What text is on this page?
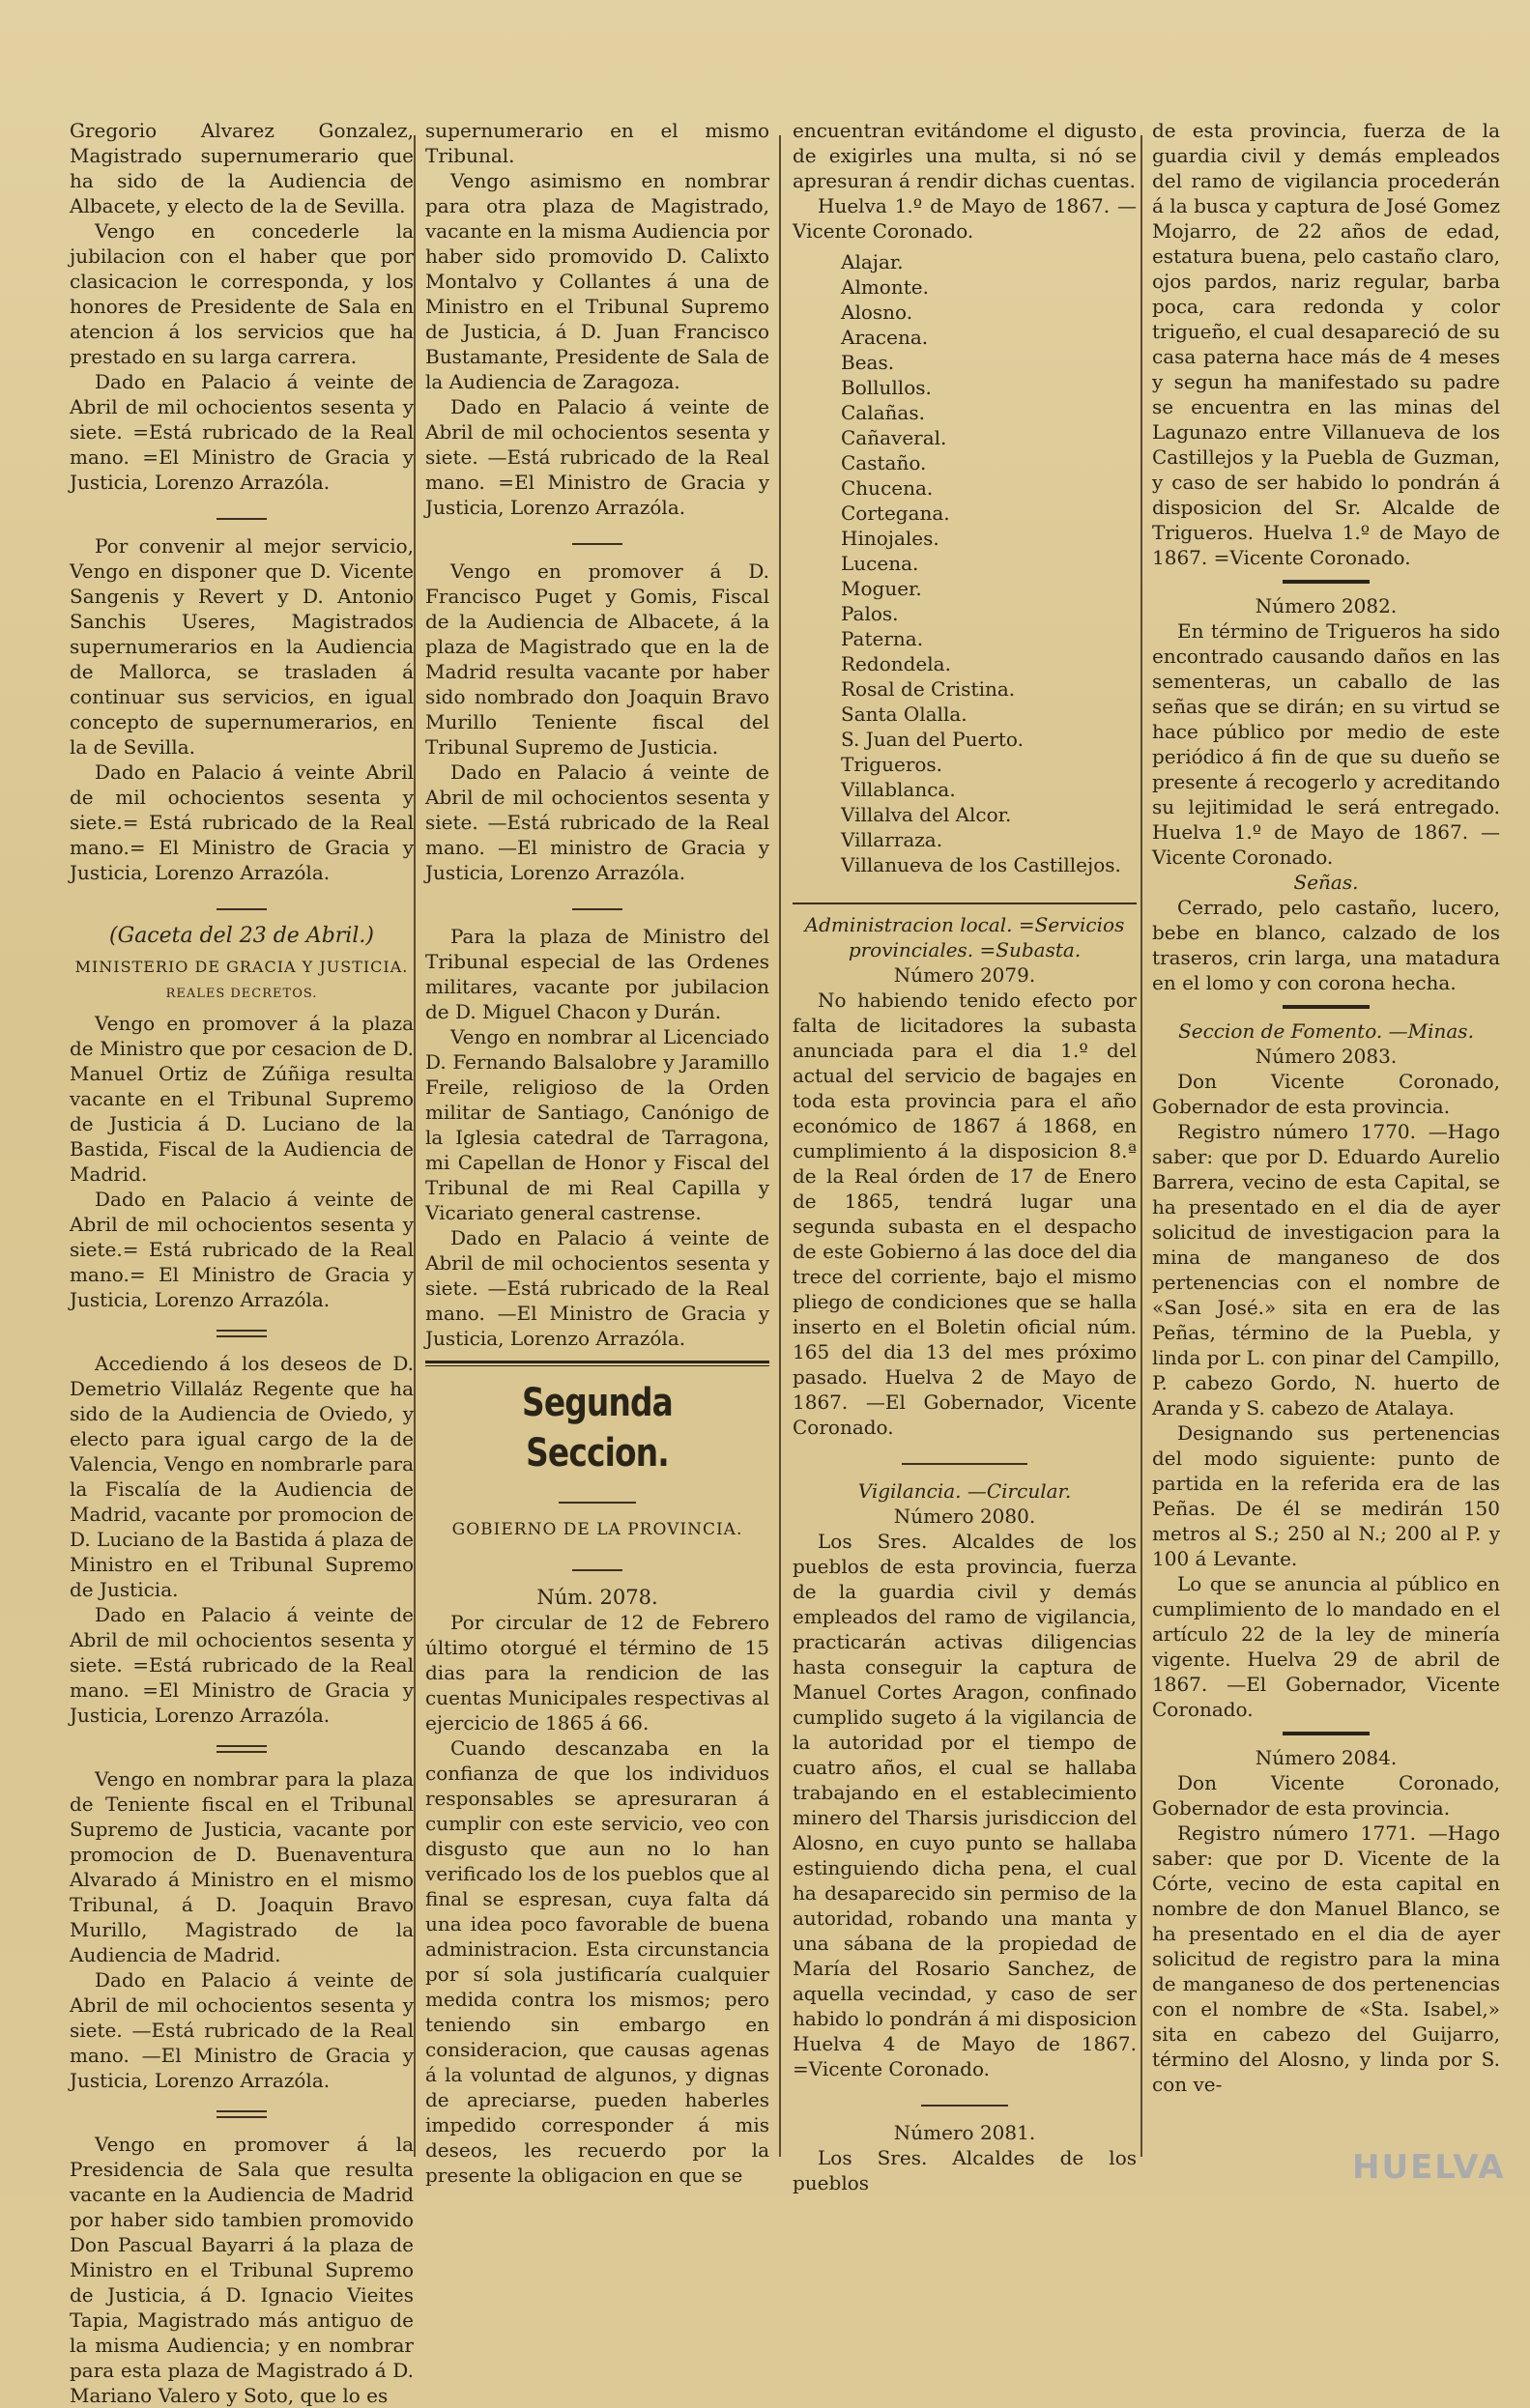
Gregorio Alvarez Gonzalez, Magistrado supernumerario que ha sido de la Audiencia de Albacete, y electo de la de Sevilla.

Vengo en concederle la jubilacion con el haber que por clasicacion le corresponda, y los honores de Presidente de Sala en atencion á los servicios que ha prestado en su larga carrera.

Dado en Palacio á veinte de Abril de mil ochocientos sesenta y siete. =Está rubricado de la Real mano. =El Ministro de Gracia y Justicia, Lorenzo Arrazóla.

Por convenir al mejor servicio, Vengo en disponer que D. Vicente Sangenis y Revert y D. Antonio Sanchis Useres, Magistrados supernumerarios en la Audiencia de Mallorca, se trasladen á continuar sus servicios, en igual concepto de supernumerarios, en la de Sevilla.

Dado en Palacio á veinte Abril de mil ochocientos sesenta y siete.= Está rubricado de la Real mano.= El Ministro de Gracia y Justicia, Lorenzo Arrazóla.

(Gaceta del 23 de Abril.)

MINISTERIO DE GRACIA Y JUSTICIA.

REALES DECRETOS.

Vengo en promover á la plaza de Ministro que por cesacion de D. Manuel Ortiz de Zúñiga resulta vacante en el Tribunal Supremo de Justicia á D. Luciano de la Bastida, Fiscal de la Audiencia de Madrid.

Dado en Palacio á veinte de Abril de mil ochocientos sesenta y siete.= Está rubricado de la Real mano.= El Ministro de Gracia y Justicia, Lorenzo Arrazóla.

Accediendo á los deseos de D. Demetrio Villaláz Regente que ha sido de la Audiencia de Oviedo, y electo para igual cargo de la de Valencia, Vengo en nombrarle para la Fiscalía de la Audiencia de Madrid, vacante por promocion de D. Luciano de la Bastida á plaza de Ministro en el Tribunal Supremo de Justicia.

Dado en Palacio á veinte de Abril de mil ochocientos sesenta y siete. =Está rubricado de la Real mano. =El Ministro de Gracia y Justicia, Lorenzo Arrazóla.

Vengo en nombrar para la plaza de Teniente fiscal en el Tribunal Supremo de Justicia, vacante por promocion de D. Buenaventura Alvarado á Ministro en el mismo Tribunal, á D. Joaquin Bravo Murillo, Magistrado de la Audiencia de Madrid.

Dado en Palacio á veinte de Abril de mil ochocientos sesenta y siete. —Está rubricado de la Real mano. —El Ministro de Gracia y Justicia, Lorenzo Arrazóla.

Vengo en promover á la Presidencia de Sala que resulta vacante en la Audiencia de Madrid por haber sido tambien promovido Don Pascual Bayarri á la plaza de Ministro en el Tribunal Supremo de Justicia, á D. Ignacio Vieites Tapia, Magistrado más antiguo de la misma Audiencia; y en nombrar para esta plaza de Magistrado á D. Mariano Valero y Soto, que lo es

supernumerario en el mismo Tribunal.

Vengo asimismo en nombrar para otra plaza de Magistrado, vacante en la misma Audiencia por haber sido promovido D. Calixto Montalvo y Collantes á una de Ministro en el Tribunal Supremo de Justicia, á D. Juan Francisco Bustamante, Presidente de Sala de la Audiencia de Zaragoza.

Dado en Palacio á veinte de Abril de mil ochocientos sesenta y siete. —Está rubricado de la Real mano. =El Ministro de Gracia y Justicia, Lorenzo Arrazóla.

Vengo en promover á D. Francisco Puget y Gomis, Fiscal de la Audiencia de Albacete, á la plaza de Magistrado que en la de Madrid resulta vacante por haber sido nombrado don Joaquin Bravo Murillo Teniente fiscal del Tribunal Supremo de Justicia.

Dado en Palacio á veinte de Abril de mil ochocientos sesenta y siete. —Está rubricado de la Real mano. —El ministro de Gracia y Justicia, Lorenzo Arrazóla.

Para la plaza de Ministro del Tribunal especial de las Ordenes militares, vacante por jubilacion de D. Miguel Chacon y Durán.

Vengo en nombrar al Licenciado D. Fernando Balsalobre y Jaramillo Freile, religioso de la Orden militar de Santiago, Canónigo de la Iglesia catedral de Tarragona, mi Capellan de Honor y Fiscal del Tribunal de mi Real Capilla y Vicariato general castrense.

Dado en Palacio á veinte de Abril de mil ochocientos sesenta y siete. —Está rubricado de la Real mano. —El Ministro de Gracia y Justicia, Lorenzo Arrazóla.

Segunda Seccion.

GOBIERNO DE LA PROVINCIA.

Núm. 2078.

Por circular de 12 de Febrero último otorgué el término de 15 dias para la rendicion de las cuentas Municipales respectivas al ejercicio de 1865 á 66.

Cuando descanzaba en la confianza de que los individuos responsables se apresuraran á cumplir con este servicio, veo con disgusto que aun no lo han verificado los de los pueblos que al final se espresan, cuya falta dá una idea poco favorable de buena administracion. Esta circunstancia por sí sola justificaría cualquier medida contra los mismos; pero teniendo sin embargo en consideracion, que causas agenas á la voluntad de algunos, y dignas de apreciarse, pueden haberles impedido corresponder á mis deseos, les recuerdo por la presente la obligacion en que se

encuentran evitándome el digusto de exigirles una multa, si nó se apresuran á rendir dichas cuentas.

Huelva 1.º de Mayo de 1867. —Vicente Coronado.

Alajar.
Almonte.
Alosno.
Aracena.
Beas.
Bollullos.
Calañas.
Cañaveral.
Castaño.
Chucena.
Cortegana.
Hinojales.
Lucena.
Moguer.
Palos.
Paterna.
Redondela.
Rosal de Cristina.
Santa Olalla.
S. Juan del Puerto.
Trigueros.
Villablanca.
Villalva del Alcor.
Villarraza.
Villanueva de los Castillejos.

Administracion local. =Servicios provinciales. =Subasta.

Número 2079.

No habiendo tenido efecto por falta de licitadores la subasta anunciada para el dia 1.º del actual del servicio de bagajes en toda esta provincia para el año económico de 1867 á 1868, en cumplimiento á la disposicion 8.ª de la Real órden de 17 de Enero de 1865, tendrá lugar una segunda subasta en el despacho de este Gobierno á las doce del dia trece del corriente, bajo el mismo pliego de condiciones que se halla inserto en el Boletin oficial núm. 165 del dia 13 del mes próximo pasado. Huelva 2 de Mayo de 1867. —El Gobernador, Vicente Coronado.

Vigilancia. —Circular.

Número 2080.

Los Sres. Alcaldes de los pueblos de esta provincia, fuerza de la guardia civil y demás empleados del ramo de vigilancia, practicarán activas diligencias hasta conseguir la captura de Manuel Cortes Aragon, confinado cumplido sugeto á la vigilancia de la autoridad por el tiempo de cuatro años, el cual se hallaba trabajando en el establecimiento minero del Tharsis jurisdiccion del Alosno, en cuyo punto se hallaba estinguiendo dicha pena, el cual ha desaparecido sin permiso de la autoridad, robando una manta y una sábana de la propiedad de María del Rosario Sanchez, de aquella vecindad, y caso de ser habido lo pondrán á mi disposicion Huelva 4 de Mayo de 1867. =Vicente Coronado.

Número 2081.

Los Sres. Alcaldes de los pueblos

de esta provincia, fuerza de la guardia civil y demás empleados del ramo de vigilancia procederán á la busca y captura de José Gomez Mojarro, de 22 años de edad, estatura buena, pelo castaño claro, ojos pardos, nariz regular, barba poca, cara redonda y color trigueño, el cual desapareció de su casa paterna hace más de 4 meses y segun ha manifestado su padre se encuentra en las minas del Lagunazo entre Villanueva de los Castillejos y la Puebla de Guzman, y caso de ser habido lo pondrán á disposicion del Sr. Alcalde de Trigueros. Huelva 1.º de Mayo de 1867. =Vicente Coronado.

Número 2082.

En término de Trigueros ha sido encontrado causando daños en las sementeras, un caballo de las señas que se dirán; en su virtud se hace público por medio de este periódico á fin de que su dueño se presente á recogerlo y acreditando su lejitimidad le será entregado. Huelva 1.º de Mayo de 1867. —Vicente Coronado.

Señas.

Cerrado, pelo castaño, lucero, bebe en blanco, calzado de los traseros, crin larga, una matadura en el lomo y con corona hecha.

Seccion de Fomento. —Minas.

Número 2083.

Don Vicente Coronado, Gobernador de esta provincia.

Registro número 1770. —Hago saber: que por D. Eduardo Aurelio Barrera, vecino de esta Capital, se ha presentado en el dia de ayer solicitud de investigacion para la mina de manganeso de dos pertenencias con el nombre de «San José.» sita en era de las Peñas, término de la Puebla, y linda por L. con pinar del Campillo, P. cabezo Gordo, N. huerto de Aranda y S. cabezo de Atalaya.

Designando sus pertenencias del modo siguiente: punto de partida en la referida era de las Peñas. De él se medirán 150 metros al S.; 250 al N.; 200 al P. y 100 á Levante.

Lo que se anuncia al público en cumplimiento de lo mandado en el artículo 22 de la ley de minería vigente. Huelva 29 de abril de 1867. —El Gobernador, Vicente Coronado.

Número 2084.

Don Vicente Coronado, Gobernador de esta provincia.

Registro número 1771. —Hago saber: que por D. Vicente de la Córte, vecino de esta capital en nombre de don Manuel Blanco, se ha presentado en el dia de ayer solicitud de registro para la mina de manganeso de dos pertenencias con el nombre de «Sta. Isabel,» sita en cabezo del Guijarro, término del Alosno, y linda por S. con ve-

HUELVA
